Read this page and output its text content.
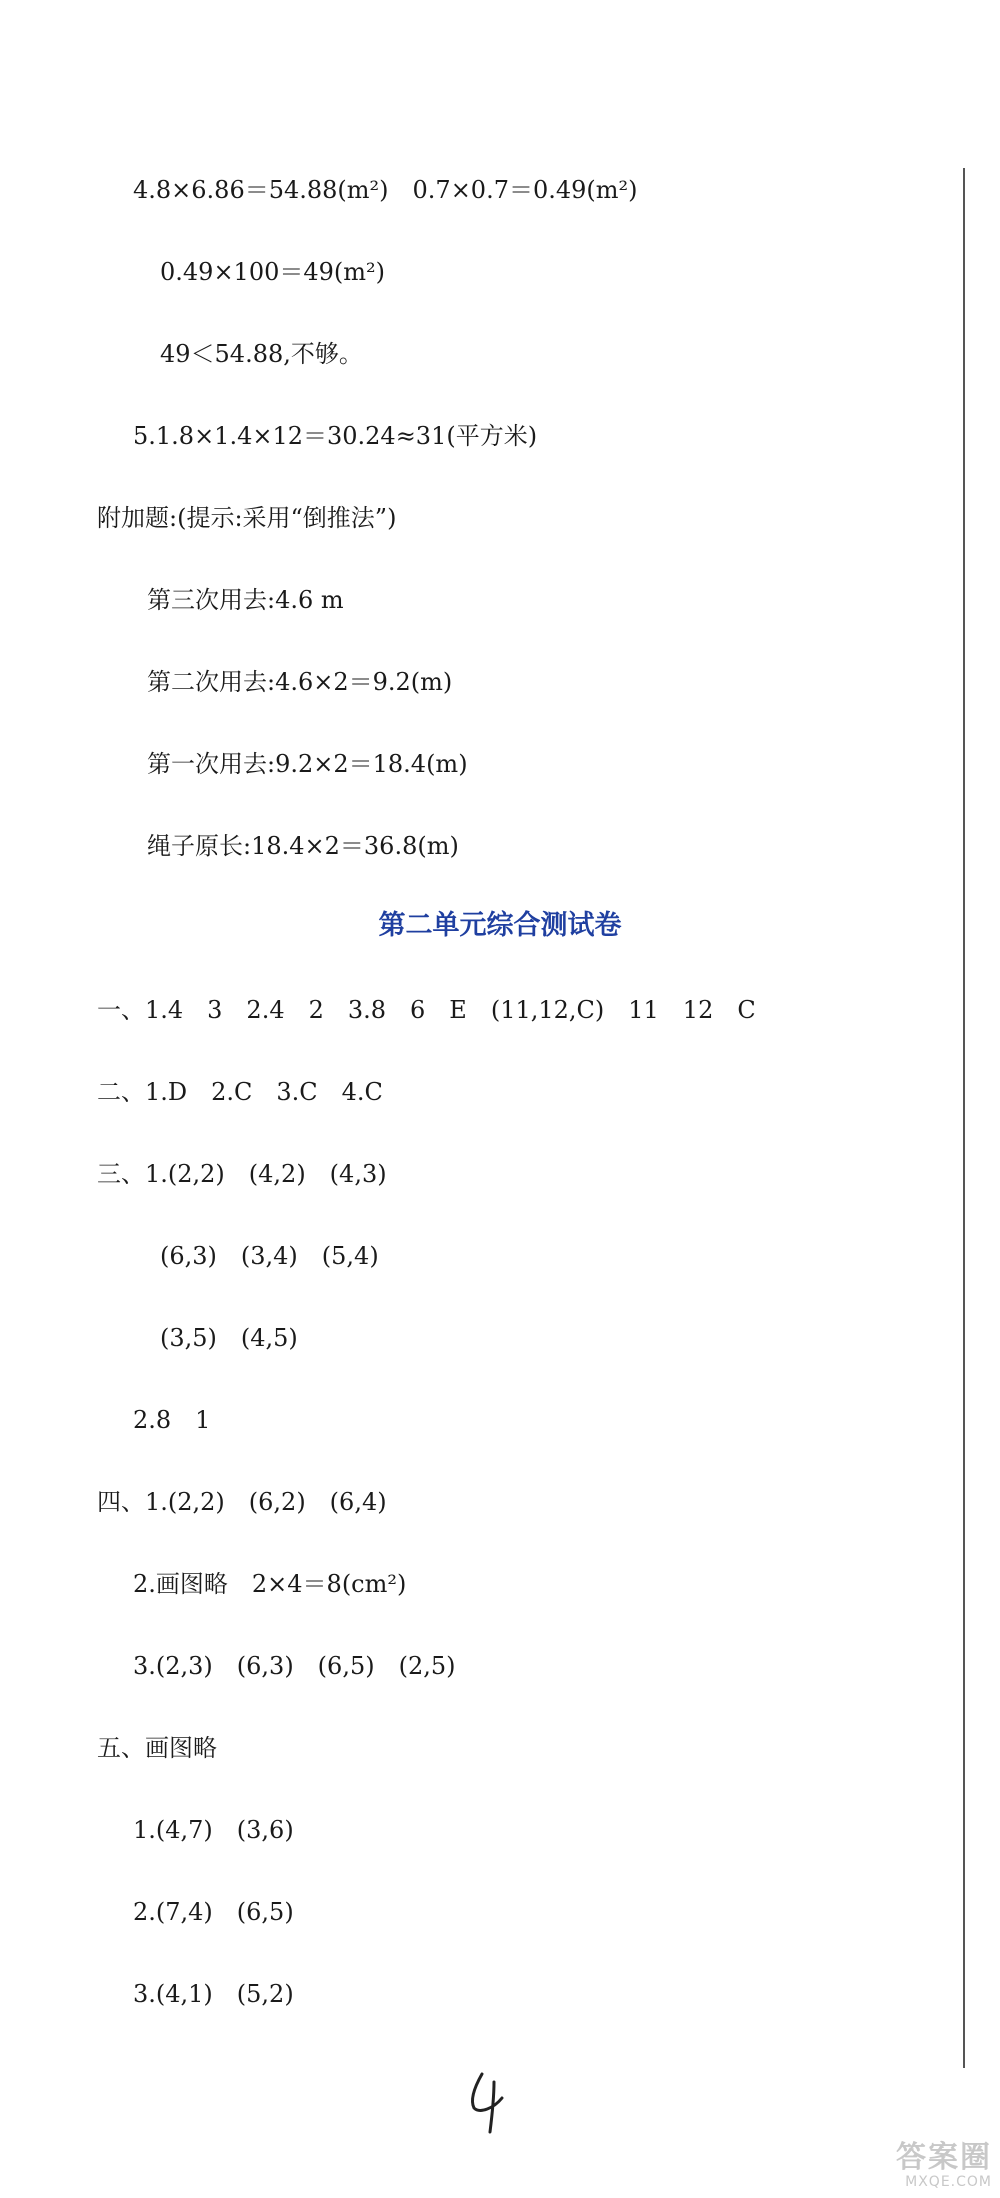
4.8×6.86＝54.88(m²)　0.7×0.7＝0.49(m²)
0.49×100＝49(m²)
49＜54.88,不够。
5.1.8×1.4×12＝30.24≈31(平方米)
附加题:(提示:采用“倒推法”)
第三次用去:4.6 m
第二次用去:4.6×2＝9.2(m)
第一次用去:9.2×2＝18.4(m)
绳子原长:18.4×2＝36.8(m)
第二单元综合测试卷
一、1.4　3　2.4　2　3.8　6　E　(11,12,C)　11　12　C
二、1.D　2.C　3.C　4.C
三、1.(2,2)　(4,2)　(4,3)
(6,3)　(3,4)　(5,4)
(3,5)　(4,5)
2.8　1
四、1.(2,2)　(6,2)　(6,4)
2.画图略　2×4＝8(cm²)
3.(2,3)　(6,3)　(6,5)　(2,5)
五、画图略
1.(4,7)　(3,6)
2.(7,4)　(6,5)
3.(4,1)　(5,2)
答案圈
MXQE.COM
